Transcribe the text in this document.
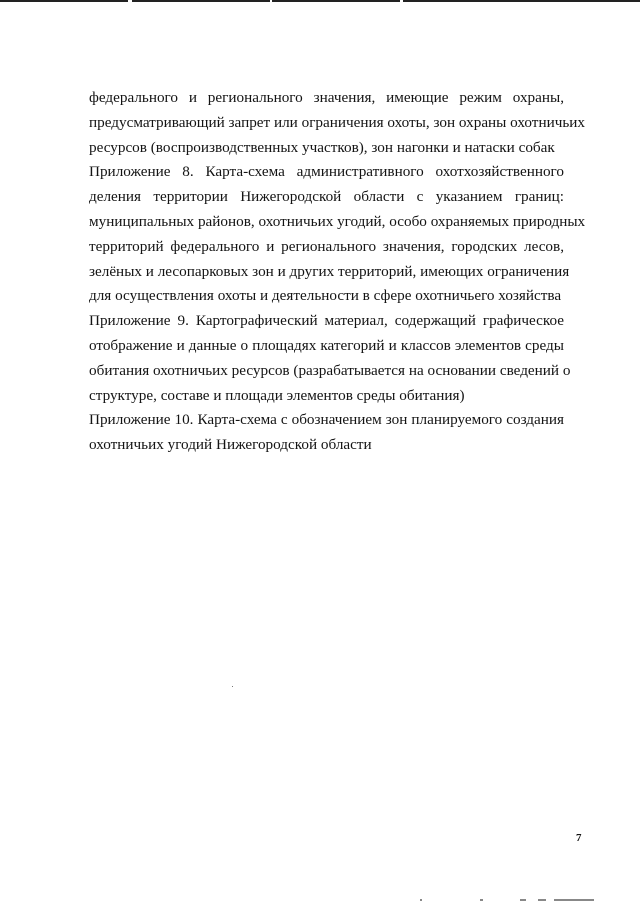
федерального и регионального значения, имеющие режим охраны,
предусматривающий запрет или ограничения охоты, зон охраны охотничьих
ресурсов (воспроизводственных участков), зон нагонки и натаски собак
Приложение 8. Карта-схема административного охотхозяйственного
деления территории Нижегородской области с указанием границ:
муниципальных районов, охотничьих угодий, особо охраняемых природных
территорий федерального и регионального значения, городских лесов,
зелёных и лесопарковых зон и других территорий, имеющих ограничения
для осуществления охоты и деятельности в сфере охотничьего хозяйства
Приложение 9. Картографический материал, содержащий графическое
отображение и данные о площадях категорий и классов элементов среды
обитания охотничьих ресурсов (разрабатывается на основании сведений о
структуре, составе и площади элементов среды обитания)
Приложение 10. Карта-схема с обозначением зон планируемого создания
охотничьих угодий Нижегородской области
7
